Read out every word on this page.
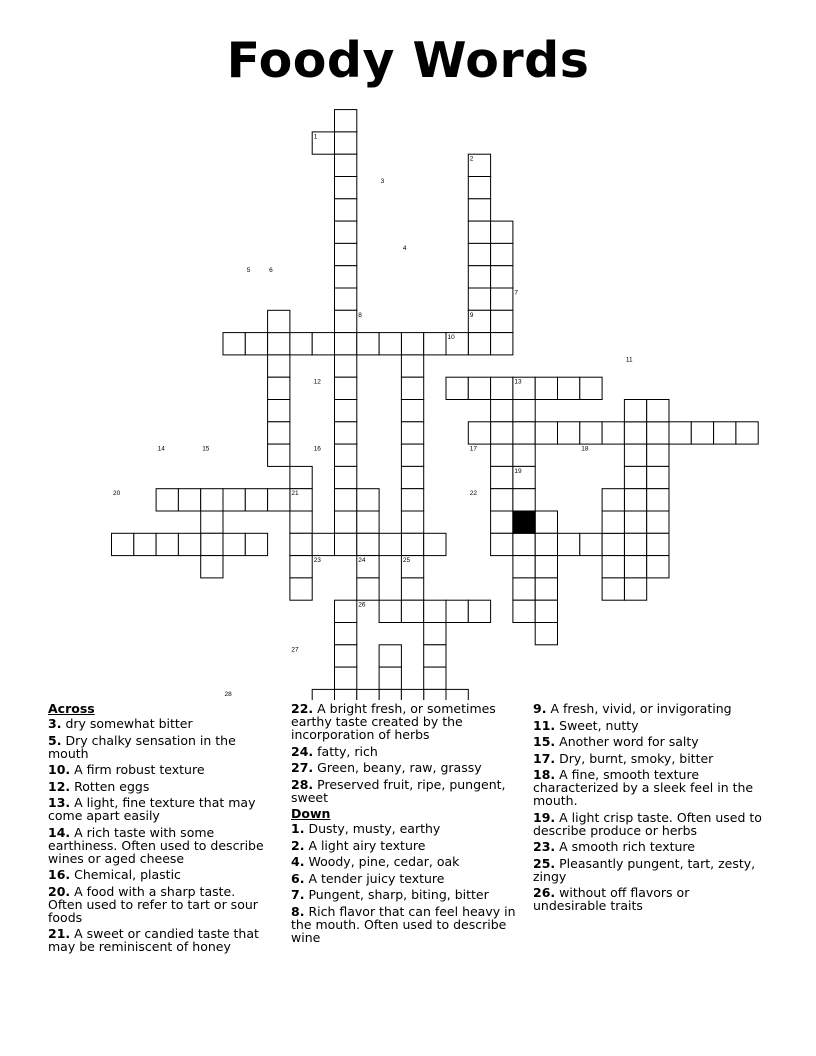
Foody Words
1
2
3
4
5	6
7
8	9
10
11
12	13
14	15	16	17	18
19
20	21	22
23	24	25
26
27
28
Across
3. dry somewhat bitter
5. Dry chalky sensation in the mouth
10. A firm robust texture
12. Rotten eggs
13. A light, fine texture that may come apart easily
14. A rich taste with some earthiness. Often used to describe wines or aged cheese
16. Chemical, plastic
20. A food with a sharp taste. Often used to refer to tart or sour foods
21. A sweet or candied taste that may be reminiscent of honey
22. A bright fresh, or sometimes earthy taste created by the incorporation of herbs
24. fatty, rich
27. Green, beany, raw, grassy
28. Preserved fruit, ripe, pungent, sweet
Down
1. Dusty, musty, earthy
2. A light airy texture
4. Woody, pine, cedar, oak
6. A tender juicy texture
7. Pungent, sharp, biting, bitter
8. Rich flavor that can feel heavy in the mouth. Often used to describe wine
9. A fresh, vivid, or invigorating
11. Sweet, nutty
15. Another word for salty
17. Dry, burnt, smoky, bitter
18. A fine, smooth texture characterized by a sleek feel in the mouth.
19. A light crisp taste. Often used to describe produce or herbs
23. A smooth rich texture
25. Pleasantly pungent, tart, zesty, zingy
26. without off flavors or undesirable traits
